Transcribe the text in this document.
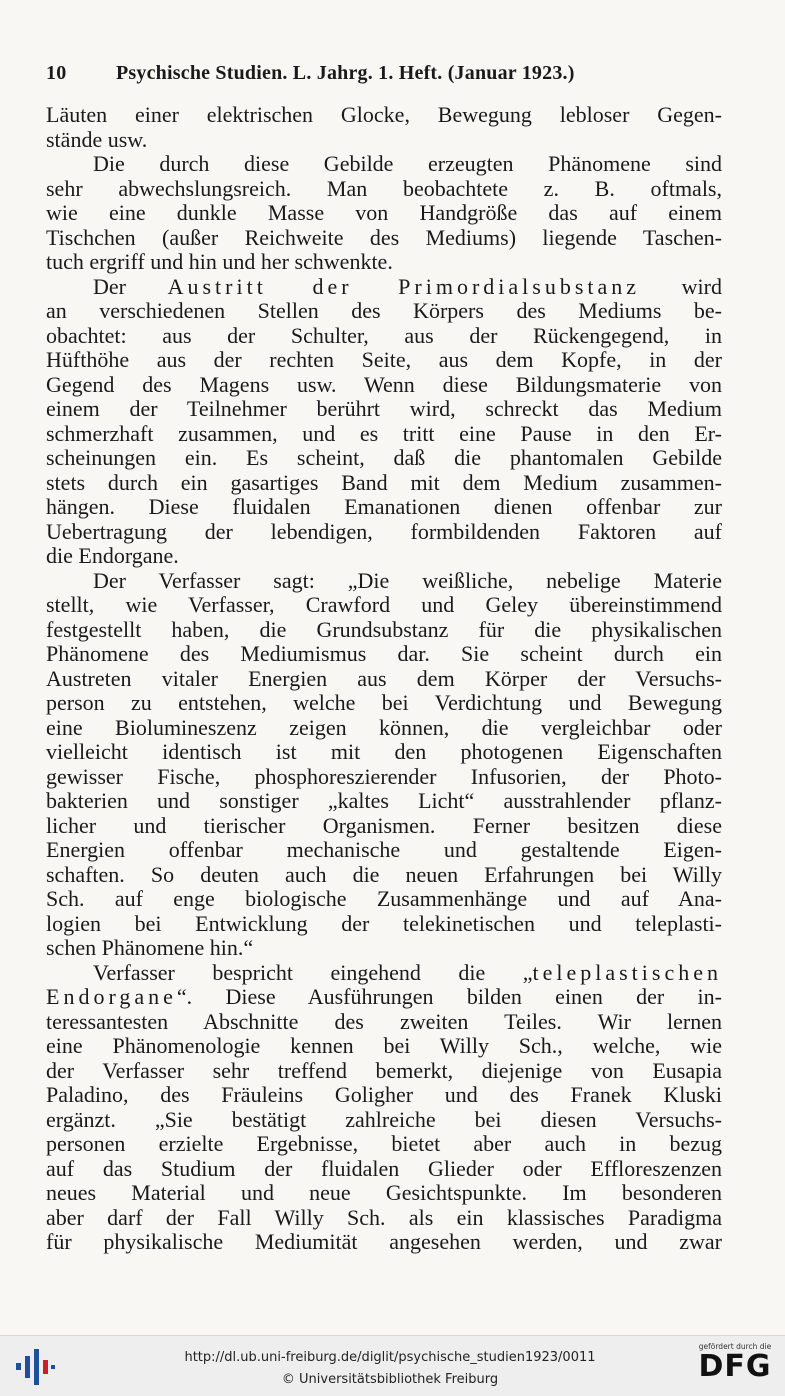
10 Psychische Studien. L. Jahrg. 1. Heft. (Januar 1923.)
Läuten einer elektrischen Glocke, Bewegung lebloser Gegen-
stände usw.
Die durch diese Gebilde erzeugten Phänomene sind
sehr abwechslungsreich. Man beobachtete z. B. oftmals,
wie eine dunkle Masse von Handgröße das auf einem
Tischchen (außer Reichweite des Mediums) liegende Taschen-
tuch ergriff und hin und her schwenkte.
Der Austritt der Primordialsubstanz wird
an verschiedenen Stellen des Körpers des Mediums be-
obachtet: aus der Schulter, aus der Rückengegend, in
Hüfthöhe aus der rechten Seite, aus dem Kopfe, in der
Gegend des Magens usw. Wenn diese Bildungsmaterie von
einem der Teilnehmer berührt wird, schreckt das Medium
schmerzhaft zusammen, und es tritt eine Pause in den Er-
scheinungen ein. Es scheint, daß die phantomalen Gebilde
stets durch ein gasartiges Band mit dem Medium zusammen-
hängen. Diese fluidalen Emanationen dienen offenbar zur
Uebertragung der lebendigen, formbildenden Faktoren auf
die Endorgane.
Der Verfasser sagt: „Die weißliche, nebelige Materie
stellt, wie Verfasser, Crawford und Geley übereinstimmend
festgestellt haben, die Grundsubstanz für die physikalischen
Phänomene des Mediumismus dar. Sie scheint durch ein
Austreten vitaler Energien aus dem Körper der Versuchs-
person zu entstehen, welche bei Verdichtung und Bewegung
eine Biolumineszenz zeigen können, die vergleichbar oder
vielleicht identisch ist mit den photogenen Eigenschaften
gewisser Fische, phosphoreszierender Infusorien, der Photo-
bakterien und sonstiger „kaltes Licht“ ausstrahlender pflanz-
licher und tierischer Organismen. Ferner besitzen diese
Energien offenbar mechanische und gestaltende Eigen-
schaften. So deuten auch die neuen Erfahrungen bei Willy
Sch. auf enge biologische Zusammenhänge und auf Ana-
logien bei Entwicklung der telekinetischen und teleplasti-
schen Phänomene hin.“
Verfasser bespricht eingehend die „teleplastischen
Endorgane“. Diese Ausführungen bilden einen der in-
teressantesten Abschnitte des zweiten Teiles. Wir lernen
eine Phänomenologie kennen bei Willy Sch., welche, wie
der Verfasser sehr treffend bemerkt, diejenige von Eusapia
Paladino, des Fräuleins Goligher und des Franek Kluski
ergänzt. „Sie bestätigt zahlreiche bei diesen Versuchs-
personen erzielte Ergebnisse, bietet aber auch in bezug
auf das Studium der fluidalen Glieder oder Effloreszenzen
neues Material und neue Gesichtspunkte. Im besonderen
aber darf der Fall Willy Sch. als ein klassisches Paradigma
für physikalische Mediumität angesehen werden, und zwar
http://dl.ub.uni-freiburg.de/diglit/psychische_studien1923/0011
© Universitätsbibliothek Freiburg
gefördert durch die
DFG
